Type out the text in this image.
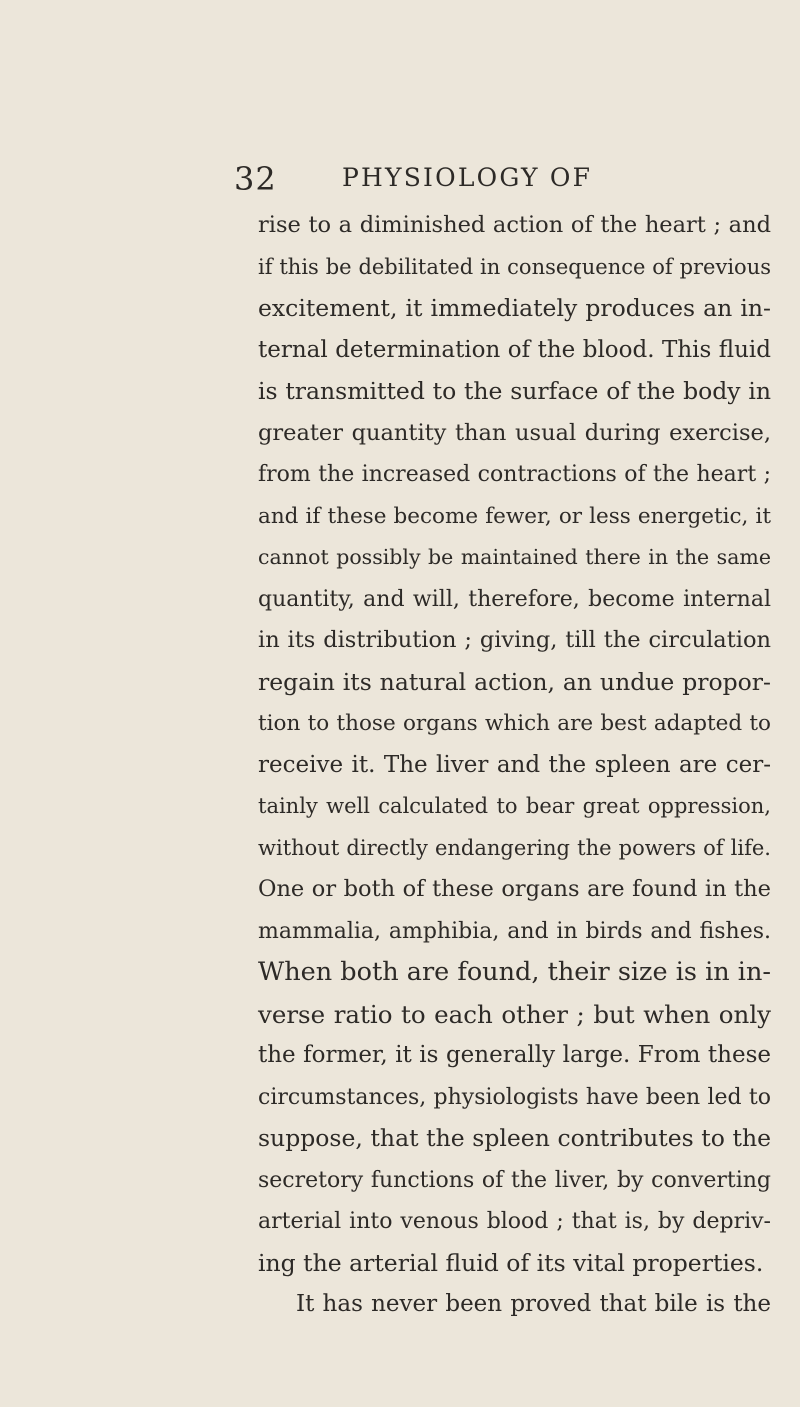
32	PHYSIOLOGY OF
rise to a diminished action of the heart ; and
if this be debilitated in consequence of previous
excitement, it immediately produces an in-
ternal determination of the blood. This fluid
is transmitted to the surface of the body in
greater quantity than usual during exercise,
from the increased contractions of the heart ;
and if these become fewer, or less energetic, it
cannot possibly be maintained there in the same
quantity, and will, therefore, become internal
in its distribution ; giving, till the circulation
regain its natural action, an undue propor-
tion to those organs which are best adapted to
receive it. The liver and the spleen are cer-
tainly well calculated to bear great oppression,
without directly endangering the powers of life.
One or both of these organs are found in the
mammalia, amphibia, and in birds and fishes.
When both are found, their size is in in-
verse ratio to each other ; but when only
the former, it is generally large. From these
circumstances, physiologists have been led to
suppose, that the spleen contributes to the
secretory functions of the liver, by converting
arterial into venous blood ; that is, by depriv-
ing the arterial fluid of its vital properties.
It has never been proved that bile is the
